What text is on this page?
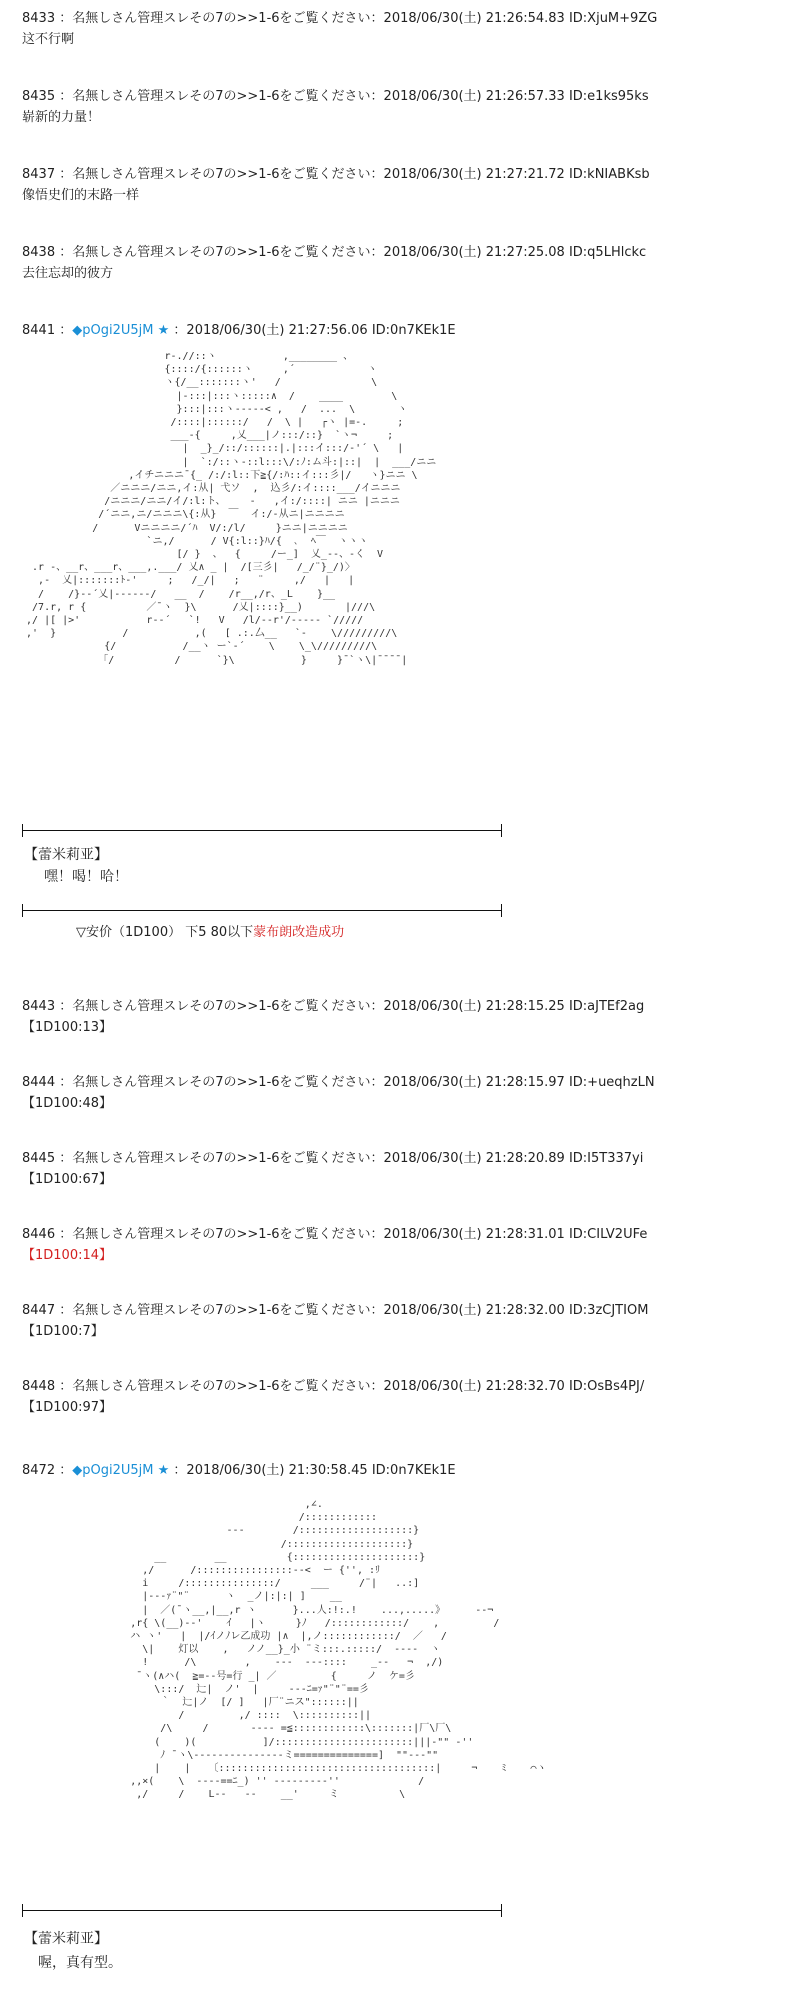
8433 ：名無しさん管理スレその7の>>1-6をご覧ください：2018/06/30(土) 21:26:54.83 ID:XjuM+9ZG
这不行啊
8435 ：名無しさん管理スレその7の>>1-6をご覧ください：2018/06/30(土) 21:26:57.33 ID:e1ks95ks
崭新的力量！
8437 ：名無しさん管理スレその7の>>1-6をご覧ください：2018/06/30(土) 21:27:21.72 ID:kNIABKsb
像悟史们的末路一样
8438 ：名無しさん管理スレその7の>>1-6をご覧ください：2018/06/30(土) 21:27:25.08 ID:q5LHlckc
去往忘却的彼方
8441 ：◆pOgi2U5jM ★ ：2018/06/30(土) 21:27:56.06 ID:0n7KEk1E
r-.//::ヽ           ,________ 、
{::::/{::::::ヽ     ,´            ヽ
ヽ{/__:::::::ヽ'   /               \
|-:::|:::ヽ:::::∧  /    ____        \
}:::|:::ヽ-----< ,   /  ...  \       ヽ
/::::|::::::/   /  \ |   ┌ヽ |=-.     ;
___-{     ,乂___|ノ:::/::}  `ヽ¬     ;
|  _}_/::/::::::|.|:::イ:::/-'´ \   |
|  `:/::ヽ-::l:::\/:ﾉ:ム斗:|::|  |  ___/ニニ
,イチニニニ¯{_ /:/:l::下≧{/:ﾊ::イ:::彡|/   ヽ}ニニ \
／ニニニ/ニニ,イ:从| 弋ソ  ,  込彡/:イ::::___/イニニニ
/ニニニ/ニニ/イ/:l:ト、    -   ,イ:/::::| ニニ |ニニニ
/´ニニ,ニ/ニニニ\{:从}  ￣  イ:/-从ニ|ニニニニ
/      Vニニニニ/´ﾊ  V/:/l/     }ニニ|ニニニニ
`ニ,/      / V{:l::}ﾊ/{  ､  ﾍ￣  ヽヽヽ
[/ }  、  {     /ー_]  乂_--、-く  V
.r -、__r、___r、___,.___/ 乂∧ _ |  /[三彡|   /_/¨}_/)〉
,-  乂|:::::::ﾄ-'     ;   /_/|   ;   ¨     ,/   |   |
/    /}--´乂|------/   __  /    /r__,/r、_L    }__
/7.r, r {          ／¯ヽ  }\      /乂|::::}__)       |///\
,/ |[ |>'           r--´   `!   V   /l/--r'/----- `/////
,'  }           /           ,(   [ .:.厶__   `-    \/////////\
{/           /__ヽ ー`-´    \    \_\/////////\
「/          /      `}\           }     }¯`ヽ\|¯¯¯¯|
【蕾米莉亚】
嘿！喝！哈！
▽安价（1D100） 下5 80以下蒙布朗改造成功
8443 ：名無しさん管理スレその7の>>1-6をご覧ください：2018/06/30(土) 21:28:15.25 ID:aJTEf2ag
【1D100:13】
8444 ：名無しさん管理スレその7の>>1-6をご覧ください：2018/06/30(土) 21:28:15.97 ID:+ueqhzLN
【1D100:48】
8445 ：名無しさん管理スレその7の>>1-6をご覧ください：2018/06/30(土) 21:28:20.89 ID:I5T337yi
【1D100:67】
8446 ：名無しさん管理スレその7の>>1-6をご覧ください：2018/06/30(土) 21:28:31.01 ID:CILV2UFe
【1D100:14】
8447 ：名無しさん管理スレその7の>>1-6をご覧ください：2018/06/30(土) 21:28:32.00 ID:3zCJTIOM
【1D100:7】
8448 ：名無しさん管理スレその7の>>1-6をご覧ください：2018/06/30(土) 21:28:32.70 ID:OsBs4PJ/
【1D100:97】
8472 ：◆pOgi2U5jM ★ ：2018/06/30(土) 21:30:58.45 ID:0n7KEk1E
,∠.
/::::::::::::
---        /:::::::::::::::::::}
/::::::::::::::::::::}
__        __          {:::::::::::::::::::::}
,/      /::::::::::::::::--<  ー {'', :ﾘ
i     /:::::::::::::::/     ___     /¨|   ..:]
|---ｧ¨"¨      ヽ  _ノ|:|:| ]    __
|  ／(¯ヽ__,|__,r ヽ      }...人:!:.!    ...,.....》     --¬
,r{ \(__)--'    ｲ   |ヽ     }ﾉ   /::::::::::::/    ,         /
ハ ヽ'   |  |/ｲノﾉレ乙成功 |∧  |,ノ::::::::::::/  ／   /
\|    灯以    ,   ノノ__}_小 ¨ミ:::.:::::/  ----  ヽ
!      /\        ,    ---  ---::::    _--   ¬  ,/)
¯ヽ(∧ハ(  ≧=--号=行 _| ／         {     ノ  ケ=彡
\:::/  辷|  ノ'  |     ---ﾆ=ｧ"¨"¨==彡
｀  辷|ノ  [/ ]   |厂¨ニス"::::::||
/         ,/ ::::  \::::::::::||
/\     /       ---- =≦::::::::::::\:::::::|厂\厂\
(    )(           ]/:::::::::::::::::::::::|||-"" -''
ﾉ ¯ヽ\---------------ミ==============]  ""---""
|    |   〔::::::::::::::::::::::::::::::::::::|     ¬    ﾐ    ⌒ヽ
,,×(    \  ----==ﾆ_) '' ---------''             /
,/     /    L--   --    __'     ミ          \
【蕾米莉亚】
喔，真有型。
